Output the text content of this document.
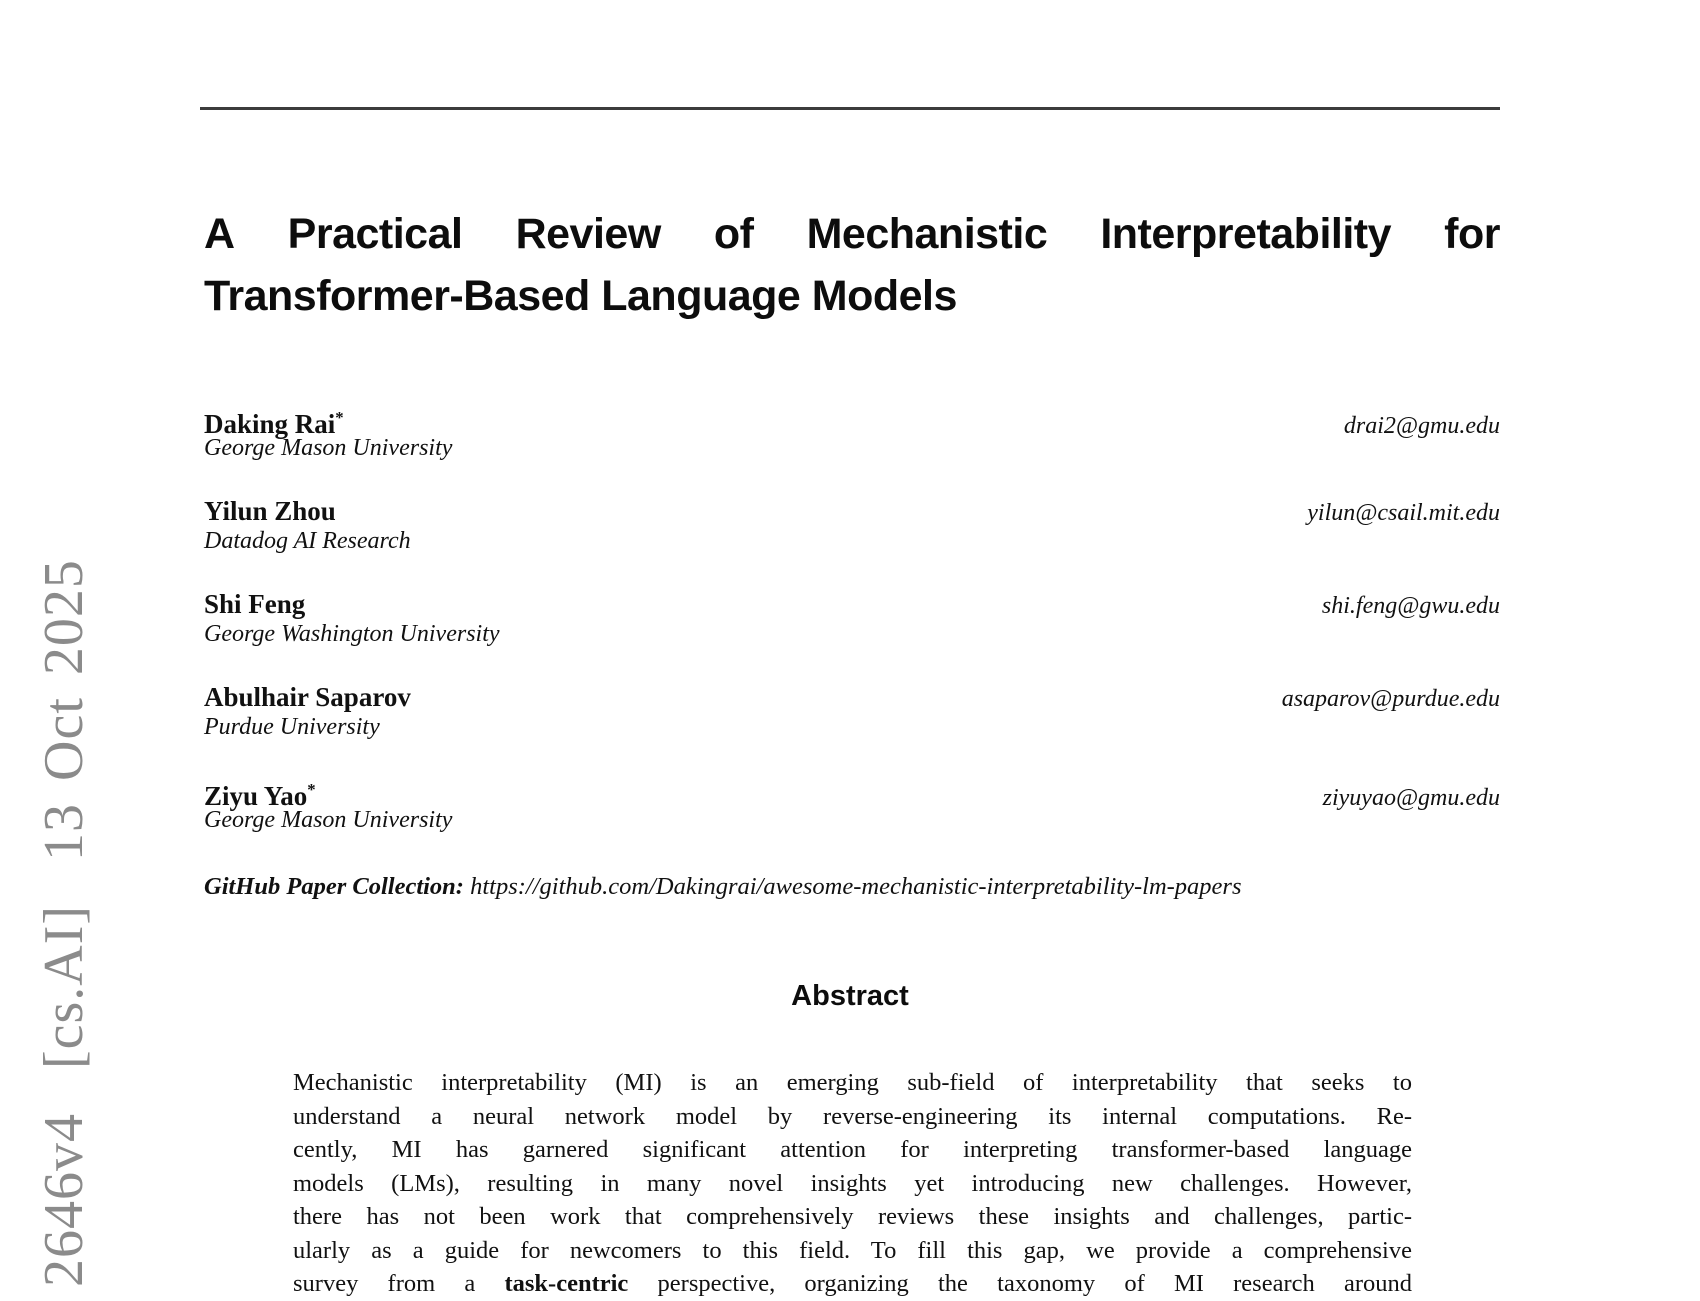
2646v4  [cs.AI]  13 Oct 2025
A Practical Review of Mechanistic Interpretability for
Transformer-Based Language Models
Daking Rai*	drai2@gmu.edu
George Mason University
Yilun Zhou	yilun@csail.mit.edu
Datadog AI Research
Shi Feng	shi.feng@gwu.edu
George Washington University
Abulhair Saparov	asaparov@purdue.edu
Purdue University
Ziyu Yao*	ziyuyao@gmu.edu
George Mason University
GitHub Paper Collection: https://github.com/Dakingrai/awesome-mechanistic-interpretability-lm-papers
Abstract
Mechanistic interpretability (MI) is an emerging sub-field of interpretability that seeks to
understand a neural network model by reverse-engineering its internal computations. Re-
cently, MI has garnered significant attention for interpreting transformer-based language
models (LMs), resulting in many novel insights yet introducing new challenges. However,
there has not been work that comprehensively reviews these insights and challenges, partic-
ularly as a guide for newcomers to this field. To fill this gap, we provide a comprehensive
survey from a task-centric perspective, organizing the taxonomy of MI research around
